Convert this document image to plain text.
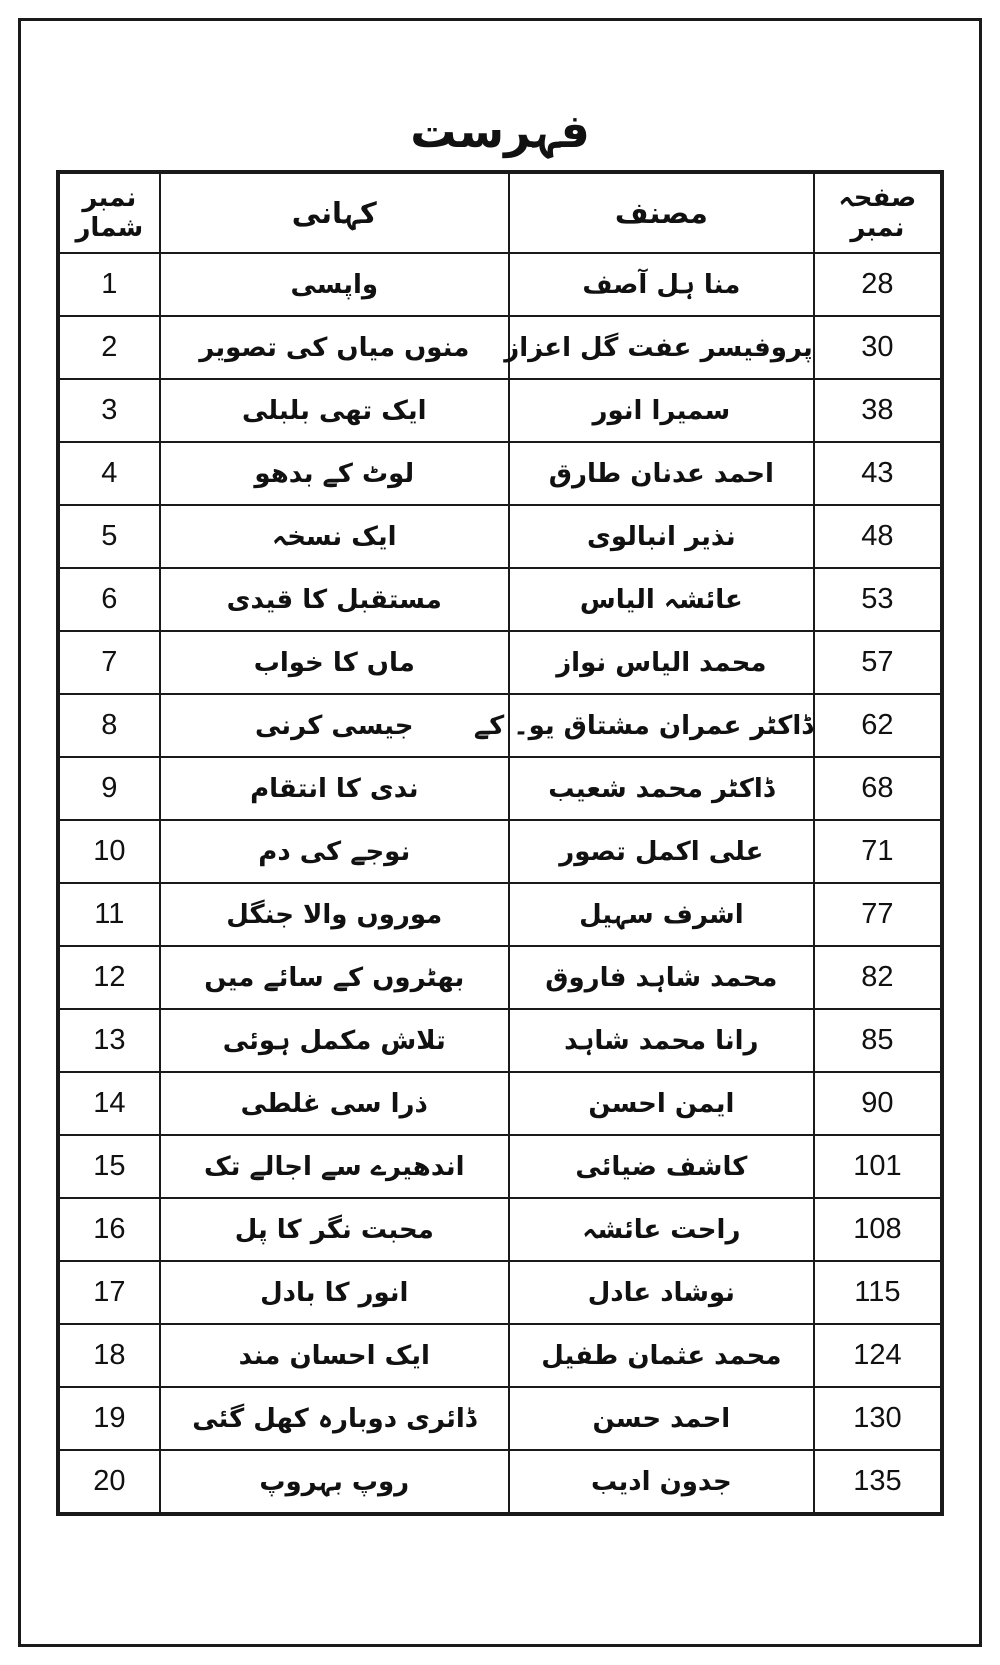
فہرست
صفحہ نمبر	مصنف	کہانی	نمبر شمار
28	منا ہل آصف	واپسی	1
30	پروفیسر عفت گل اعزاز	منوں میاں کی تصویر	2
38	سمیرا انور	ایک تھی بلبلی	3
43	احمد عدنان طارق	لوٹ کے بدھو	4
48	نذیر انبالوی	ایک نسخہ	5
53	عائشہ الیاس	مستقبل کا قیدی	6
57	محمد الیاس نواز	ماں کا خواب	7
62	ڈاکٹر عمران مشتاق یو۔ کے	جیسی کرنی	8
68	ڈاکٹر محمد شعیب	ندی کا انتقام	9
71	علی اکمل تصور	نوجے کی دم	10
77	اشرف سہیل	موروں والا جنگل	11
82	محمد شاہد فاروق	بھٹروں کے سائے میں	12
85	رانا محمد شاہد	تلاش مکمل ہوئی	13
90	ایمن احسن	ذرا سی غلطی	14
101	کاشف ضیائی	اندھیرے سے اجالے تک	15
108	راحت عائشہ	محبت نگر کا پل	16
115	نوشاد عادل	انور کا بادل	17
124	محمد عثمان طفیل	ایک احسان مند	18
130	احمد حسن	ڈائری دوبارہ کھل گئی	19
135	جدون ادیب	روپ بہروپ	20
